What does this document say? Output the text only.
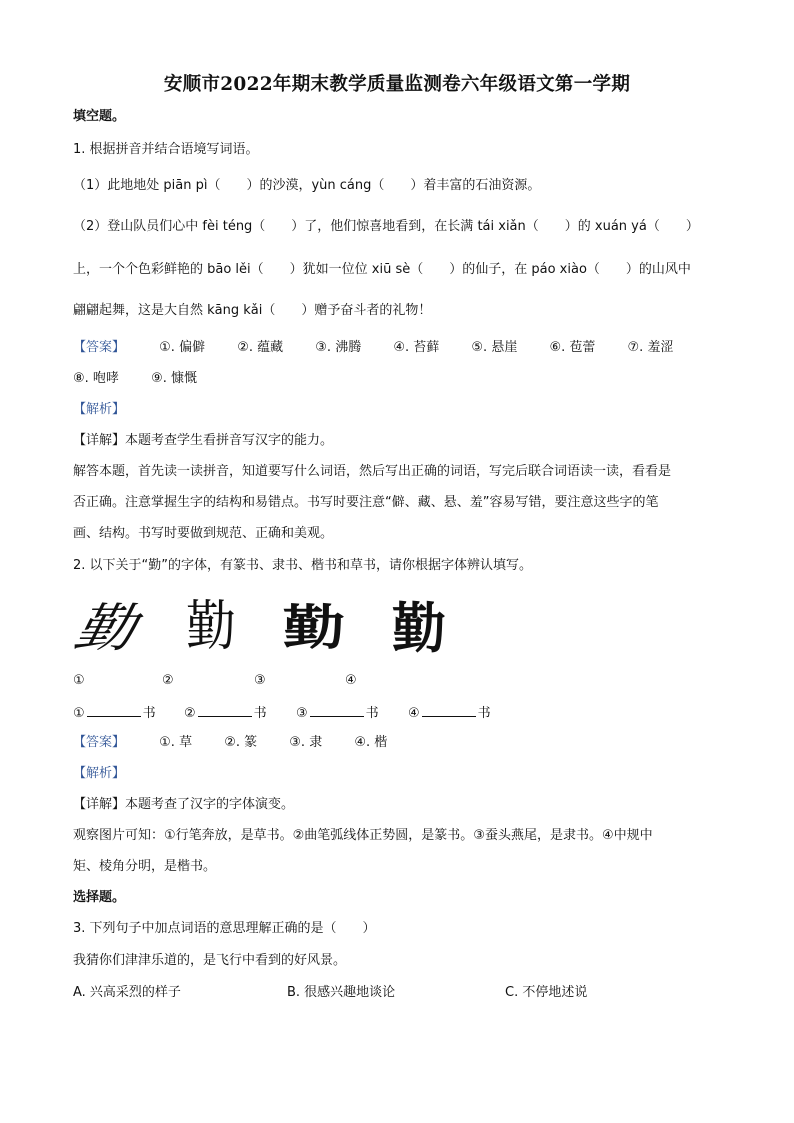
安顺市2022年期末教学质量监测卷六年级语文第一学期
填空题。
1. 根据拼音并结合语境写词语。
（1）此地地处 piān pì（　　）的沙漠，yùn cáng（　　）着丰富的石油资源。
（2）登山队员们心中 fèi téng（　　）了，他们惊喜地看到，在长满 tái xiǎn（　　）的 xuán yá（　　）
上，一个个色彩鲜艳的 bāo lěi（　　）犹如一位位 xiū sè（　　）的仙子，在 páo xiào（　　）的山风中
翩翩起舞，这是大自然 kāng kǎi（　　）赠予奋斗者的礼物！
【答案】	①. 偏僻 ②. 蕴藏 ③. 沸腾 ④. 苔藓 ⑤. 悬崖 ⑥. 苞蕾 ⑦. 羞涩
⑧. 咆哮 ⑨. 慷慨
【解析】
【详解】本题考查学生看拼音写汉字的能力。
解答本题，首先读一读拼音，知道要写什么词语，然后写出正确的词语，写完后联合词语读一读，看看是
否正确。注意掌握生字的结构和易错点。书写时要注意“僻、藏、悬、羞”容易写错，要注意这些字的笔
画、结构。书写时要做到规范、正确和美观。
2. 以下关于“勤”的字体，有篆书、隶书、楷书和草书，请你根据字体辨认填写。
勤 勤 勤 勤
①	②	③	④
①	书 ②	书 ③	书 ④	书
【答案】	①. 草 ②. 篆 ③. 隶 ④. 楷
【解析】
【详解】本题考查了汉字的字体演变。
观察图片可知：①行笔奔放，是草书。②曲笔弧线体正势圆，是篆书。③蚕头燕尾，是隶书。④中规中
矩、棱角分明，是楷书。
选择题。
3. 下列句子中加点词语的意思理解正确的是（　　）
我猜你们津津乐道的，是飞行中看到的好风景。
A. 兴高采烈的样子	B. 很感兴趣地谈论	C. 不停地述说
